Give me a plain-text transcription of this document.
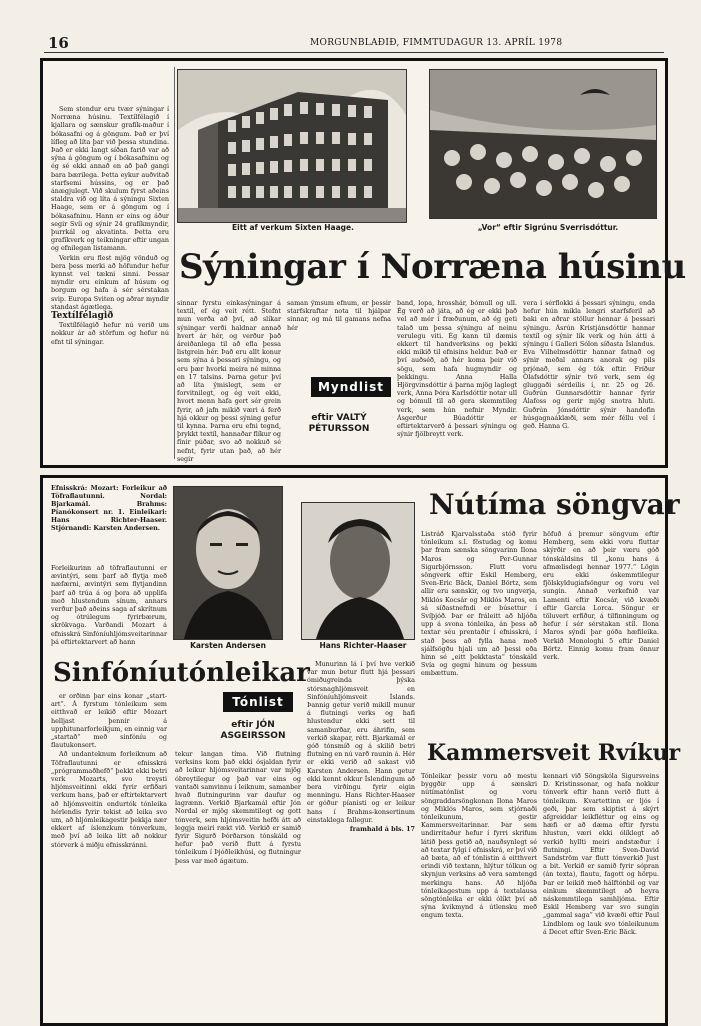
16	MORGUNBLAÐIÐ, FIMMTUDAGUR 13. APRÍL 1978

Sem stendur eru tvær sýningar í Norræna húsinu. Textílfélagið í kjallara og sænskur grafík-maður í bókasafni og á göngum. Það er því lífleg að líta þar við þessa stundina. Það er ekki langt síðan farið var að sýna á göngum og í bókasafninu og ég sé ekki annað en að það gangi bara bærilega. Þetta eykur auðvitað starfsemi hússins, og er það ánægjulegt. Við skulum fyrst aðeins staldra við og líta á sýningu Sixten Haage, sem er á göngum og í bókasafninu. Hann er eins og áður segir Svíi og sýnir 24 grafíkmyndir, þurrkál og akvatinta. Þetta eru grafíkverk og teikningar eftir ungan og efnilegan listamann.

Verkin eru flest mjög vönduð og bera þess merki að höfundur hefur kynnst vel tækni sinni. Þessar myndir eru einkum af húsum og borgum og hafa á sér sérstakan svip. Europa Sviten og aðrar myndir standast ágætlega.

Textílfélagið

Textílfélagið hefur nú verið um nokkur ár að störfum og hefur nú efnt til sýningar.

Eitt af verkum Sixten Haage.	„Vor“ eftir Sigrúnu Sverrisdóttur.
Sýningar í Norræna húsinu
sinnar fyrstu einkasýningar á textíl, ef ég veit rétt. Stefnt mun verða að því, að slíkar sýningar verði haldnar annað hvert ár hér, og verður það áreiðanlega til að efla þessa listgrein hér. Það eru allt konur sem sýna á þessari sýningu, og eru þær hvorki meira né minna en 17 talsins. Þarna getur því að líta ýmislegt, sem er forvitnilegt, og ég veit ekki, hvort menn hafa gert sér grein fyrir, að jafn mikið væri á ferð hjá okkur og þessi sýning gefur til kynna. Þarna eru efni tegnd, þrykkt textíl, hannaðar flíkur og fínir púðar, svo að nokkuð sé nefnt, fyrir utan það, að hér segir
saman ýmsum efnum, er þessir starfskraftar nota til hjálpar sinnar, og má til gamans nefna hér
Myndlist
eftir VALTÝ PÉTURSSON
band, lopa, hrosshár, bómull og ull. Ég verð að játa, að ég er ekki það vel að mér í fræðunum, að ég geti talað um þessa sýningu af neinu verulegu viti. Ég kann til dæmis ekkert til handverksins og þekki ekki mikið til efnisins heldur. Það er því auðséð, að hér koma þeir við sögu, sem hafa hugmyndir og þekkingu. Anna Halla Hjörgvinsdóttir á þarna mjög laglegt verk, Anna Þóra Karlsdóttir notar ull og bómull til að gera skemmtileg verk, sem hún nefnir Myndir. Ásgerður Búadóttir er eftirtektarverð á þessari sýningu og sýnir fjölbreytt verk.
vera í sérflokki á þessari sýningu, enda hefur hún mikla lengri starfsferil að baki en aðrar stöllur hennar á þessari sýningu. Ásrún Kristjánsdóttir hannar textíl og sýnir lík verk og hún átti á sýningu í Galleri Sólon síðasta Íslandus. Eva Vilhelmsdóttir hannar fatnað og sýnir meðal annars anorak og pils prjónað, sem ég tók eftir. Fríður Ólafsdóttir sýnir tvö verk, sem ég gluggaði sérdeilis í, nr. 25 og 26. Guðrún Gunnarsdóttir hannar fyrir Álafoss og gerir mjög snotra hluti. Guðrún Jónsdóttir sýnir handofin húsgagnaáklæði, sem mér féllu vel í geð. Hanna G.
Efnisskrá: Mozart: Forleikur að Töfraflautunni. Nordal: Bjarkamál. Brahms: Píanókonsert nr. 1. Einleikari: Hans Richter-Haaser. Stjórnandi: Karsten Andersen.
Forleikurinn að töfraflautunni er ævintýri, sem þarf að flytja með næfærni, ævintýri sem flytjandinn þarf að trúa á og þora að upplifa með hlustendum sínum, annars verður það aðeins saga af skrítnum og ótrúlegum fyrirbærum, skrökvaga. Varðandi Mozart á efnisskrá Sinfóníuhljómsveitarinnar þá eftirtektarvert að hann	Karsten Andersen	Hans Richter-Haaser
Nútíma söngvar
Listráð Kjarvalsstaða stóð fyrir tónleikum s.l. föstudag og komu þar fram sænska söngvarinn Ilona Maros og Per-Gunnar Sigurbjörnsson. Flutt voru söngverk eftir Eskil Hemberg, Sven-Eric Bäck, Daniel Börtz, sem allir eru sænskir, og tvo ungverja, Miklós Kocsár og Miklós Maros, en sá síðastnefndi er búsettur í Svíþjóð. Þar er fráleitt að hljóða upp á svona tónleika, án þess að textar séu prentaðir í efnisskrá, í stað þess að fylla hana með sjálfsögðu hjali um að þessi eða hinn sé „eitt þekktasta“ tónskáld Svía og gegni hinum og þessum embættum.
höfuð á þremur söngvum eftir Hemberg, sem ekki voru fluttar skýrðir en að þeir væru góð tónskáldsins til „konu hans á afmælisdegi hennar 1977.“ Lögin eru ekki óskemmtilegur fjölskyldugiafsöngur og voru vel sungin. Annað verkefnið var Lamenti eftir Kocsár, við kvæði eftir Garcia Lorca. Söngur er töluvert erfiður, á tilfinningum og hefur í sér sérstakan stíl. Ilona Maros sýndi þar góða hæfileika. Verkið Monologhi 5 eftir Daniel Börtz. Einnig komu fram önnur verk.
Sinfóníutónleikar
Tónlist
eftir JÓN ASGEIRSSON

er orðinn þar eins konar „start-art“. Á fyrstum tónleikum sem eitthvað er leikið eftir Mozart helljast þennir á upphitunarforleikjum, en einnig var „startað“ með sinfóníu og flautukonsert.

Að undanteknum forleiknum að Töfraflautunni er efnisskrá „prógrammaðhefð“ þekkt ekki betri verk Mozarts, svo treysti hljómsveitinni ekki fyrir erfiðari verkum hans, það er eftirtektarvert að hljómsveitin endurtók tónleika hérlendis fyrir tekist að leika svo um, að hljómleikagestir þekkja nær ekkert af íslenzkum tónverkum, með því að leika lítt að nokkur stórverk á miðju efnisskránni.

tekur langan tíma. Við flutning verksins kom það ekki ósjaldan fyrir að leikur hljómsveitarinnar var mjög óbreytilegur og það var eins og vantaði samvinnu í leiknum, samanber hvað flutningurinn var daufur og lagrænn. Verkið Bjarkamál eftir Jón Nordal er mjög skemmtilegt og gott tónverk, sem hljómsveitin hefði átt að leggja meiri rækt við. Verkið er samið fyrir Sigurð Þórðarson tónskáld og hefur það verið flutt á fyrstu tónleikum í Þjóðleikhúsi, og flutningur þess var með ágætum.

Munurinn lá í því hve verkið var mun betur flutt hjá þessari ómiðugreinda þýska stórsnaghljómsveit en Sinfóníuhljómsveit Íslands. Þannig getur verið mikill munur á flutningi verks og hafi hlustendur ekki sett til samanburðar, eru áhrifin, sem verkið skapar, rétt. Bjarkamál er góð tónsmíð og á skilið betri flutning en nú varð raunin á. Hér er ekki verið að sakast við Karsten Andersen. Hann getur ekki kennt okkur Íslendingum að bera virðingu fyrir eigin menningu. Hans Richter-Haaser er góður píanisti og er leikur hans í Brahms-konsertinum einstaklega fallegur.

framhald á bls. 17

Kammersveit Rvíkur
Tónleikar þessir voru að mestu byggðir upp á sænskri nútímatónlist og voru söngraddarsöngkonan Ilona Maros og Miklós Maros, sem stjórnaði tónleikunum, gestir Kammersveitarinnar. Þar sem undirritaður hefur í fyrri skrifum látið þess getið að, nauðsynlegt sé að textar fylgi í efnisskrá, er því við að bæta, að ef tónlistin á eitthvert erindi við textann, hlýtur tólkun og skynjun verksins að vera samtengd merkingu hans. Að hljóða tónleikagestum upp á textalausa söngtónleika er ekki ólíkt því að sýna kvikmynd á útlensku með engum texta.
kennari við Söngskóla Sigursveins D. Kristinssonar, og hafa nokkur tónverk eftir hann verið flutt á tónleikum. Kvartettinn er ljós í geði, þar sem skiptist á skýrt afgreiddar leikfléttur og eins og hæfi er að dæma eftir fyrstu hlustun, væri ekki ólíklegt að verkið hyllti meiri andstæður í flutningi. Eftir Sven-David Sandström var flutt tónverkið Just a bit. Verkið er samið fyrir sópran (án texta), flautu, fagott og hörpu. Þar er leikið með hálftónbil og var einkum skemmtilegt að heyra náskemmtilega samhljóma. Eftir Eskil Hemberg var svo sungin „gammal saga“ við kvæði eftir Paul Lindblom og lauk svo tónleikunum á Decet eftir Sven-Eric Bäck.
